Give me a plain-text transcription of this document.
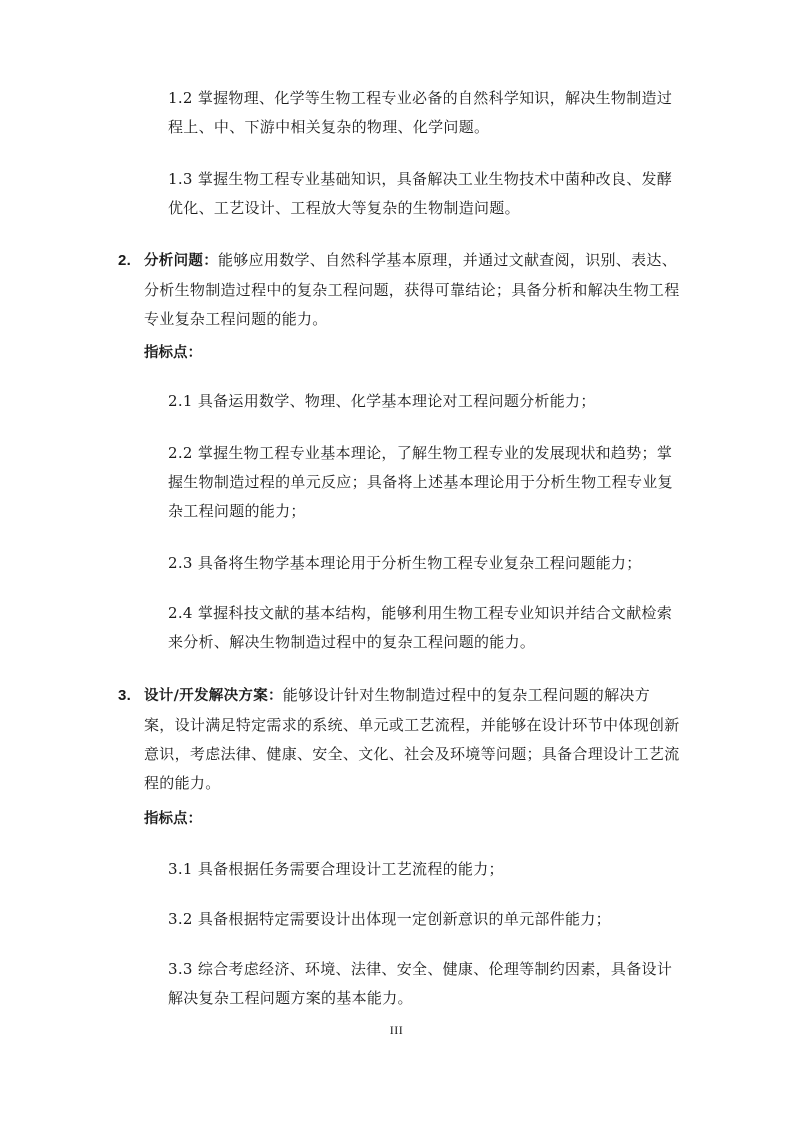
1.2 掌握物理、化学等生物工程专业必备的自然科学知识，解决生物制造过程上、中、下游中相关复杂的物理、化学问题。
1.3 掌握生物工程专业基础知识，具备解决工业生物技术中菌种改良、发酵优化、工艺设计、工程放大等复杂的生物制造问题。
2. 分析问题：能够应用数学、自然科学基本原理，并通过文献查阅，识别、表达、分析生物制造过程中的复杂工程问题，获得可靠结论；具备分析和解决生物工程专业复杂工程问题的能力。
指标点：
2.1 具备运用数学、物理、化学基本理论对工程问题分析能力；
2.2 掌握生物工程专业基本理论，了解生物工程专业的发展现状和趋势；掌握生物制造过程的单元反应；具备将上述基本理论用于分析生物工程专业复杂工程问题的能力；
2.3 具备将生物学基本理论用于分析生物工程专业复杂工程问题能力；
2.4 掌握科技文献的基本结构，能够利用生物工程专业知识并结合文献检索来分析、解决生物制造过程中的复杂工程问题的能力。
3. 设计/开发解决方案：能够设计针对生物制造过程中的复杂工程问题的解决方案，设计满足特定需求的系统、单元或工艺流程，并能够在设计环节中体现创新意识，考虑法律、健康、安全、文化、社会及环境等问题；具备合理设计工艺流程的能力。
指标点：
3.1 具备根据任务需要合理设计工艺流程的能力；
3.2 具备根据特定需要设计出体现一定创新意识的单元部件能力；
3.3 综合考虑经济、环境、法律、安全、健康、伦理等制约因素，具备设计解决复杂工程问题方案的基本能力。
III
